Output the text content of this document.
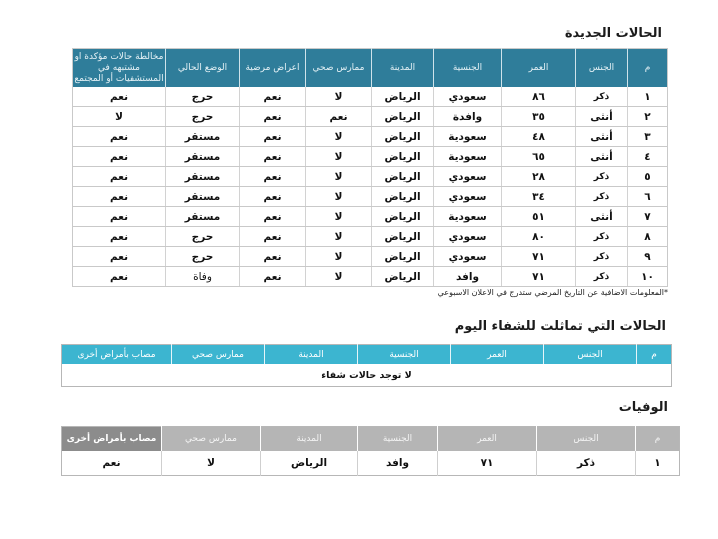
الحالات الجديدة
م	الجنس	العمر	الجنسية	المدينة	ممارس صحي	اعراض مرضية	الوضع الحالي	مخالطة حالات مؤكدة او مشتبهه في المستشفيات أو المجتمع
١	ذكر	٨٦	سعودي	الرياض	لا	نعم	حرج	نعم
٢	أنثى	٣٥	وافدة	الرياض	نعم	نعم	حرج	لا
٣	أنثى	٤٨	سعودية	الرياض	لا	نعم	مستقر	نعم
٤	أنثى	٦٥	سعودية	الرياض	لا	نعم	مستقر	نعم
٥	ذكر	٢٨	سعودي	الرياض	لا	نعم	مستقر	نعم
٦	ذكر	٣٤	سعودي	الرياض	لا	نعم	مستقر	نعم
٧	أنثى	٥١	سعودية	الرياض	لا	نعم	مستقر	نعم
٨	ذكر	٨٠	سعودي	الرياض	لا	نعم	حرج	نعم
٩	ذكر	٧١	سعودي	الرياض	لا	نعم	حرج	نعم
١٠	ذكر	٧١	وافد	الرياض	لا	نعم	وفاة	نعم
*المعلومات الاضافية عن التاريخ المرضي ستدرج في الاعلان الاسبوعي
الحالات التي تماثلت للشفاء اليوم
م	الجنس	العمر	الجنسية	المدينة	ممارس صحي	مصاب بأمراض أخرى
لا توجد حالات شفاء
الوفيات
م	الجنس	العمر	الجنسية	المدينة	ممارس صحي	مصاب بأمراض أخرى
١	ذكر	٧١	وافد	الرياض	لا	نعم
